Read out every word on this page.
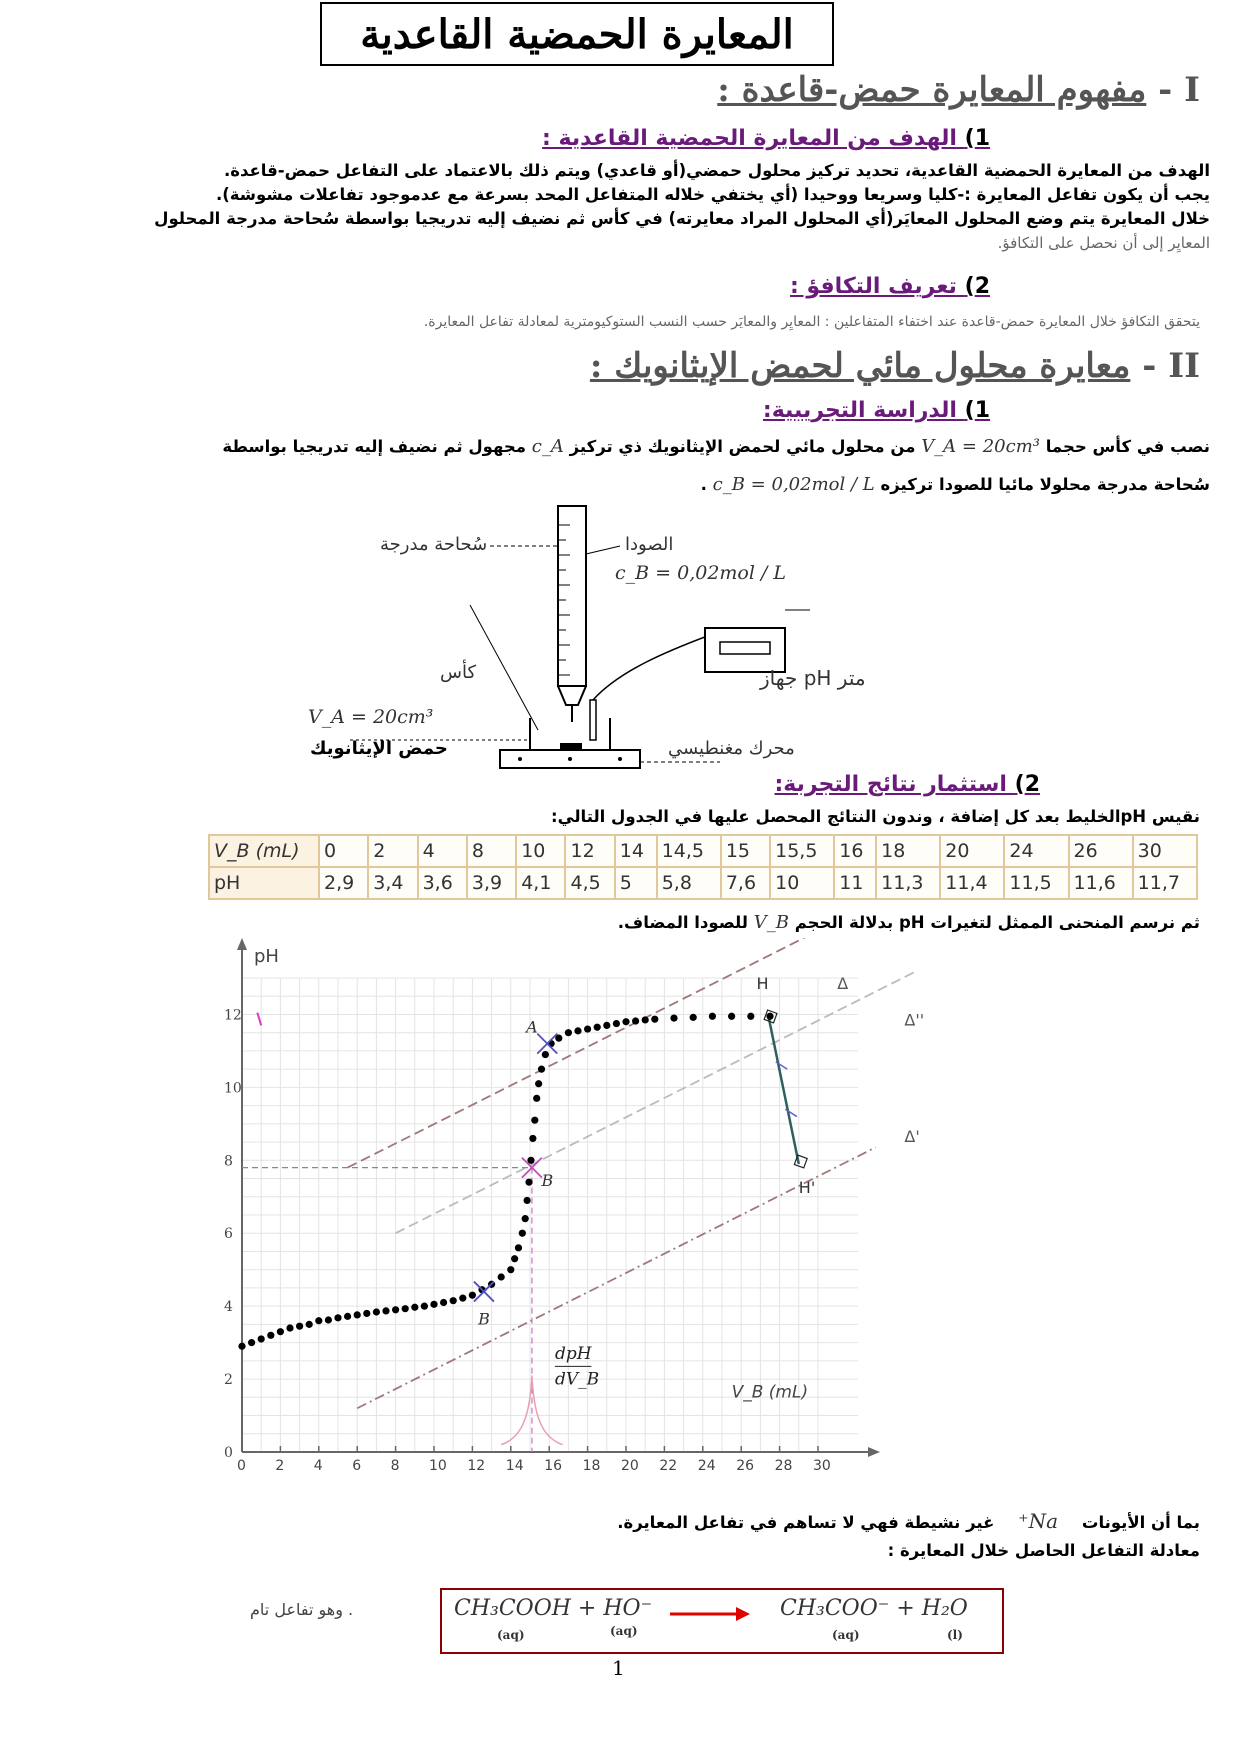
المعايرة الحمضية القاعدية
I - مفهوم المعايرة حمض-قاعدة :
1) الهدف من المعايرة الحمضية القاعدية :
الهدف من المعايرة الحمضية القاعدية، تحديد تركيز محلول حمضي(أو قاعدي) ويتم ذلك بالاعتماد على التفاعل حمض-قاعدة.
يجب أن يكون تفاعل المعايرة :-كليا وسريعا ووحيدا (أي يختفي خلاله المتفاعل المحد بسرعة مع عدموجود تفاعلات مشوشة).
خلال المعايرة يتم وضع المحلول المعايَر(أي المحلول المراد معايرته) في كأس ثم نضيف إليه تدريجيا بواسطة سُحاحة مدرجة المحلول
المعايِر إلى أن نحصل على التكافؤ.
2) تعريف التكافؤ :
يتحقق التكافؤ خلال المعايرة حمض-قاعدة عند اختفاء المتفاعلين : المعايِر والمعايَر حسب النسب الستوكيومترية لمعادلة تفاعل المعايرة.
II - معايرة محلول مائي لحمض الإيثانويك :
1) الدراسة التجريبية:
نصب في كأس حجما V_A = 20cm³ من محلول مائي لحمض الإيثانويك ذي تركيز c_A مجهول ثم نضيف إليه تدريجيا بواسطة
سُحاحة مدرجة محلولا مائيا للصودا تركيزه c_B = 0,02mol / L .
سُحاحة مدرجة	الصودا
c_B = 0,02mol / L
كأس	جهاز pH متر
V_A = 20cm³
حمض الإيثانويك	محرك مغنطيسي
2) استثمار نتائج التجربة:
نقيس pHالخليط بعد كل إضافة ، وندون النتائج المحصل عليها في الجدول التالي:
V_B (mL)	0	2	4	8	10	12	14	14,5	15	15,5	16	18	20	24	26	30
pH	2,9	3,4	3,6	3,9	4,1	4,5	5	5,8	7,6	10	11	11,3	11,4	11,5	11,6	11,7
ثم نرسم المنحنى الممثل لتغيرات pH بدلالة الحجم V_B للصودا المضاف.
0 2 4 6 8 10 12 14 16 18 20 22 24 26 28 30
0
2
4
6
8
10
12
pH
V_B (mL)
dpH
dV_B
A
B
B
H
H'
Δ
Δ''
Δ'
بما أن الأيونات Na⁺ غير نشيطة فهي لا تساهم في تفاعل المعايرة.
معادلة التفاعل الحاصل خلال المعايرة :
وهو تفاعل تام .	CH₃COOH + HO⁻
(aq)	(aq)
CH₃COO⁻ + H₂O
(aq)	(l)
1
